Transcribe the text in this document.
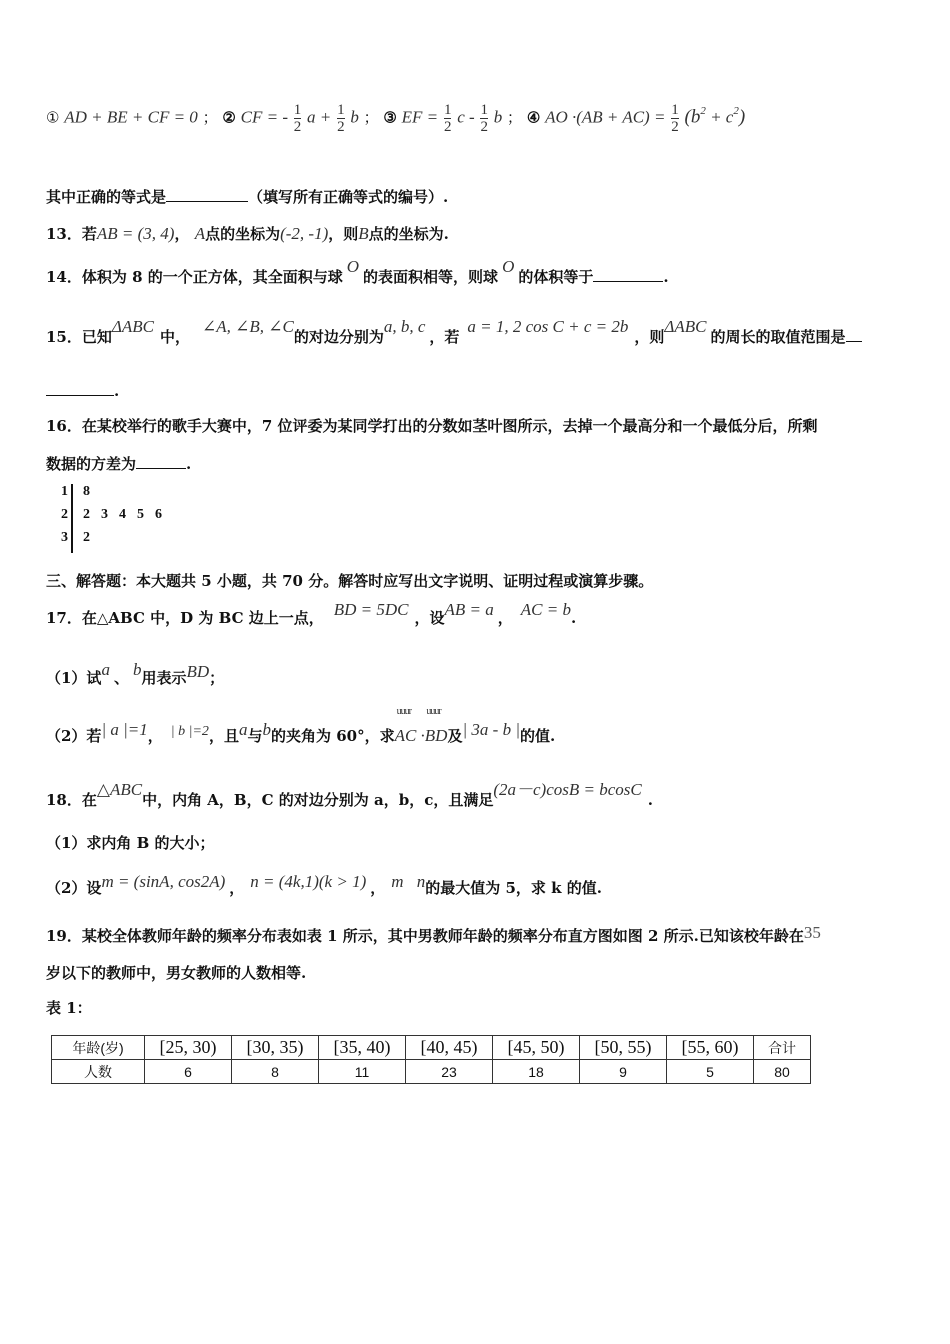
① AD + BE + CF = 0 ； ② CF = - $\frac{1}{2}$ $a + \frac{1}{2}$ b ； ③ EF = $\frac{1}{2}$ c - $\frac{1}{2}$ b ； ④ AO $\cdot(AB + AC) = \frac{1}{2} (b^2 + c^2)$
其中正确的等式是	（填写所有正确等式的编号）.
13．若AB = (3, 4)， A点的坐标为(-2, -1)，则B点的坐标为.
14．体积为 8 的一个正方体，其全面积与球O的表面积相等，则球O的体积等于	.
15．已知ΔABC中，∠A, ∠B, ∠C的对边分别为a, b, c，若a = 1, 2 cos C + c = 2b，则ΔABC的周长的取值范围是
.
16．在某校举行的歌手大赛中，7 位评委为某同学打出的分数如茎叶图所示，去掉一个最高分和一个最低分后，所剩
数据的方差为	.
1 8
2 2  3  4  5  6
3 2
三、解答题：本大题共 5 小题，共 70 分。解答时应写出文字说明、证明过程或演算步骤。
17．在△ABC 中，D 为 BC 边上一点， BD = 5DC ，设AB = a ， AC = b.
（1）试a 、 b用表示BD；
（2）若| a |=1， | b |=2，且a与b的夹角为 60°，求
uuur uuur
AC ·BD及| 3a - b |的值.
18．在△ABC中，内角 A，B，C 的对边分别为 a，b，c，且满足(2a－c)cosB = bcosC.
（1）求内角 B 的大小；
（2）设m = (sinA, cos2A) ， n = (4k,1)(k > 1) ， m⃞n的最大值为 5，求 k 的值.
19．某校全体教师年龄的频率分布表如表 1 所示，其中男教师年龄的频率分布直方图如图 2 所示.已知该校年龄在35
岁以下的教师中，男女教师的人数相等.
表 1：
年龄(岁)	[25, 30)	[30, 35)	[35, 40)	[40, 45)	[45, 50)	[50, 55)	[55, 60)	合计
人数	6	8	11	23	18	9	5	80
